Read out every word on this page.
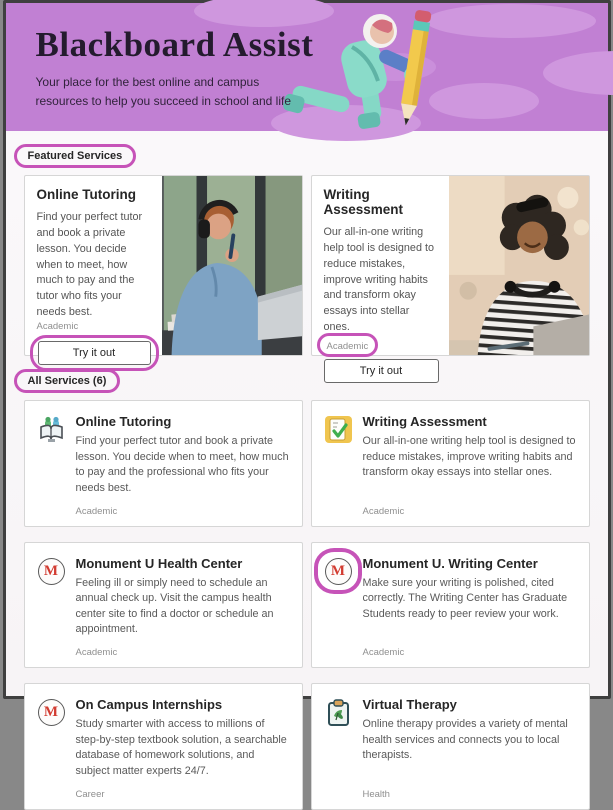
Blackboard Assist
Your place for the best online and campus
resources to help you succeed in school and life
Featured Services
Online Tutoring
Find your perfect tutor and book a private lesson. You decide when to meet, how much to pay and the tutor who fits your needs best.
Academic
Try it out
Writing Assessment
Our all-in-one writing help tool is designed to reduce mistakes, improve writing habits and transform okay essays into stellar ones.
Academic
Try it out
All Services (6)
Online Tutoring
Find your perfect tutor and book a private lesson. You decide when to meet, how much to pay and the professional who fits your needs best.
Academic
Writing Assessment
Our all-in-one writing help tool is designed to reduce mistakes, improve writing habits and transform okay essays into stellar ones.
Academic
M Monument U Health Center
Feeling ill or simply need to schedule an annual check up. Visit the campus health center site to find a doctor or schedule an appointment.
Academic
M Monument U. Writing Center
Make sure your writing is polished, cited correctly. The Writing Center has Graduate Students ready to peer review your work.
Academic
M On Campus Internships
Study smarter with access to millions of step-by-step textbook solution, a searchable database of homework solutions, and subject matter experts 24/7.
Career
Virtual Therapy
Online therapy provides a variety of mental health services and connects you to local therapists.
Health
